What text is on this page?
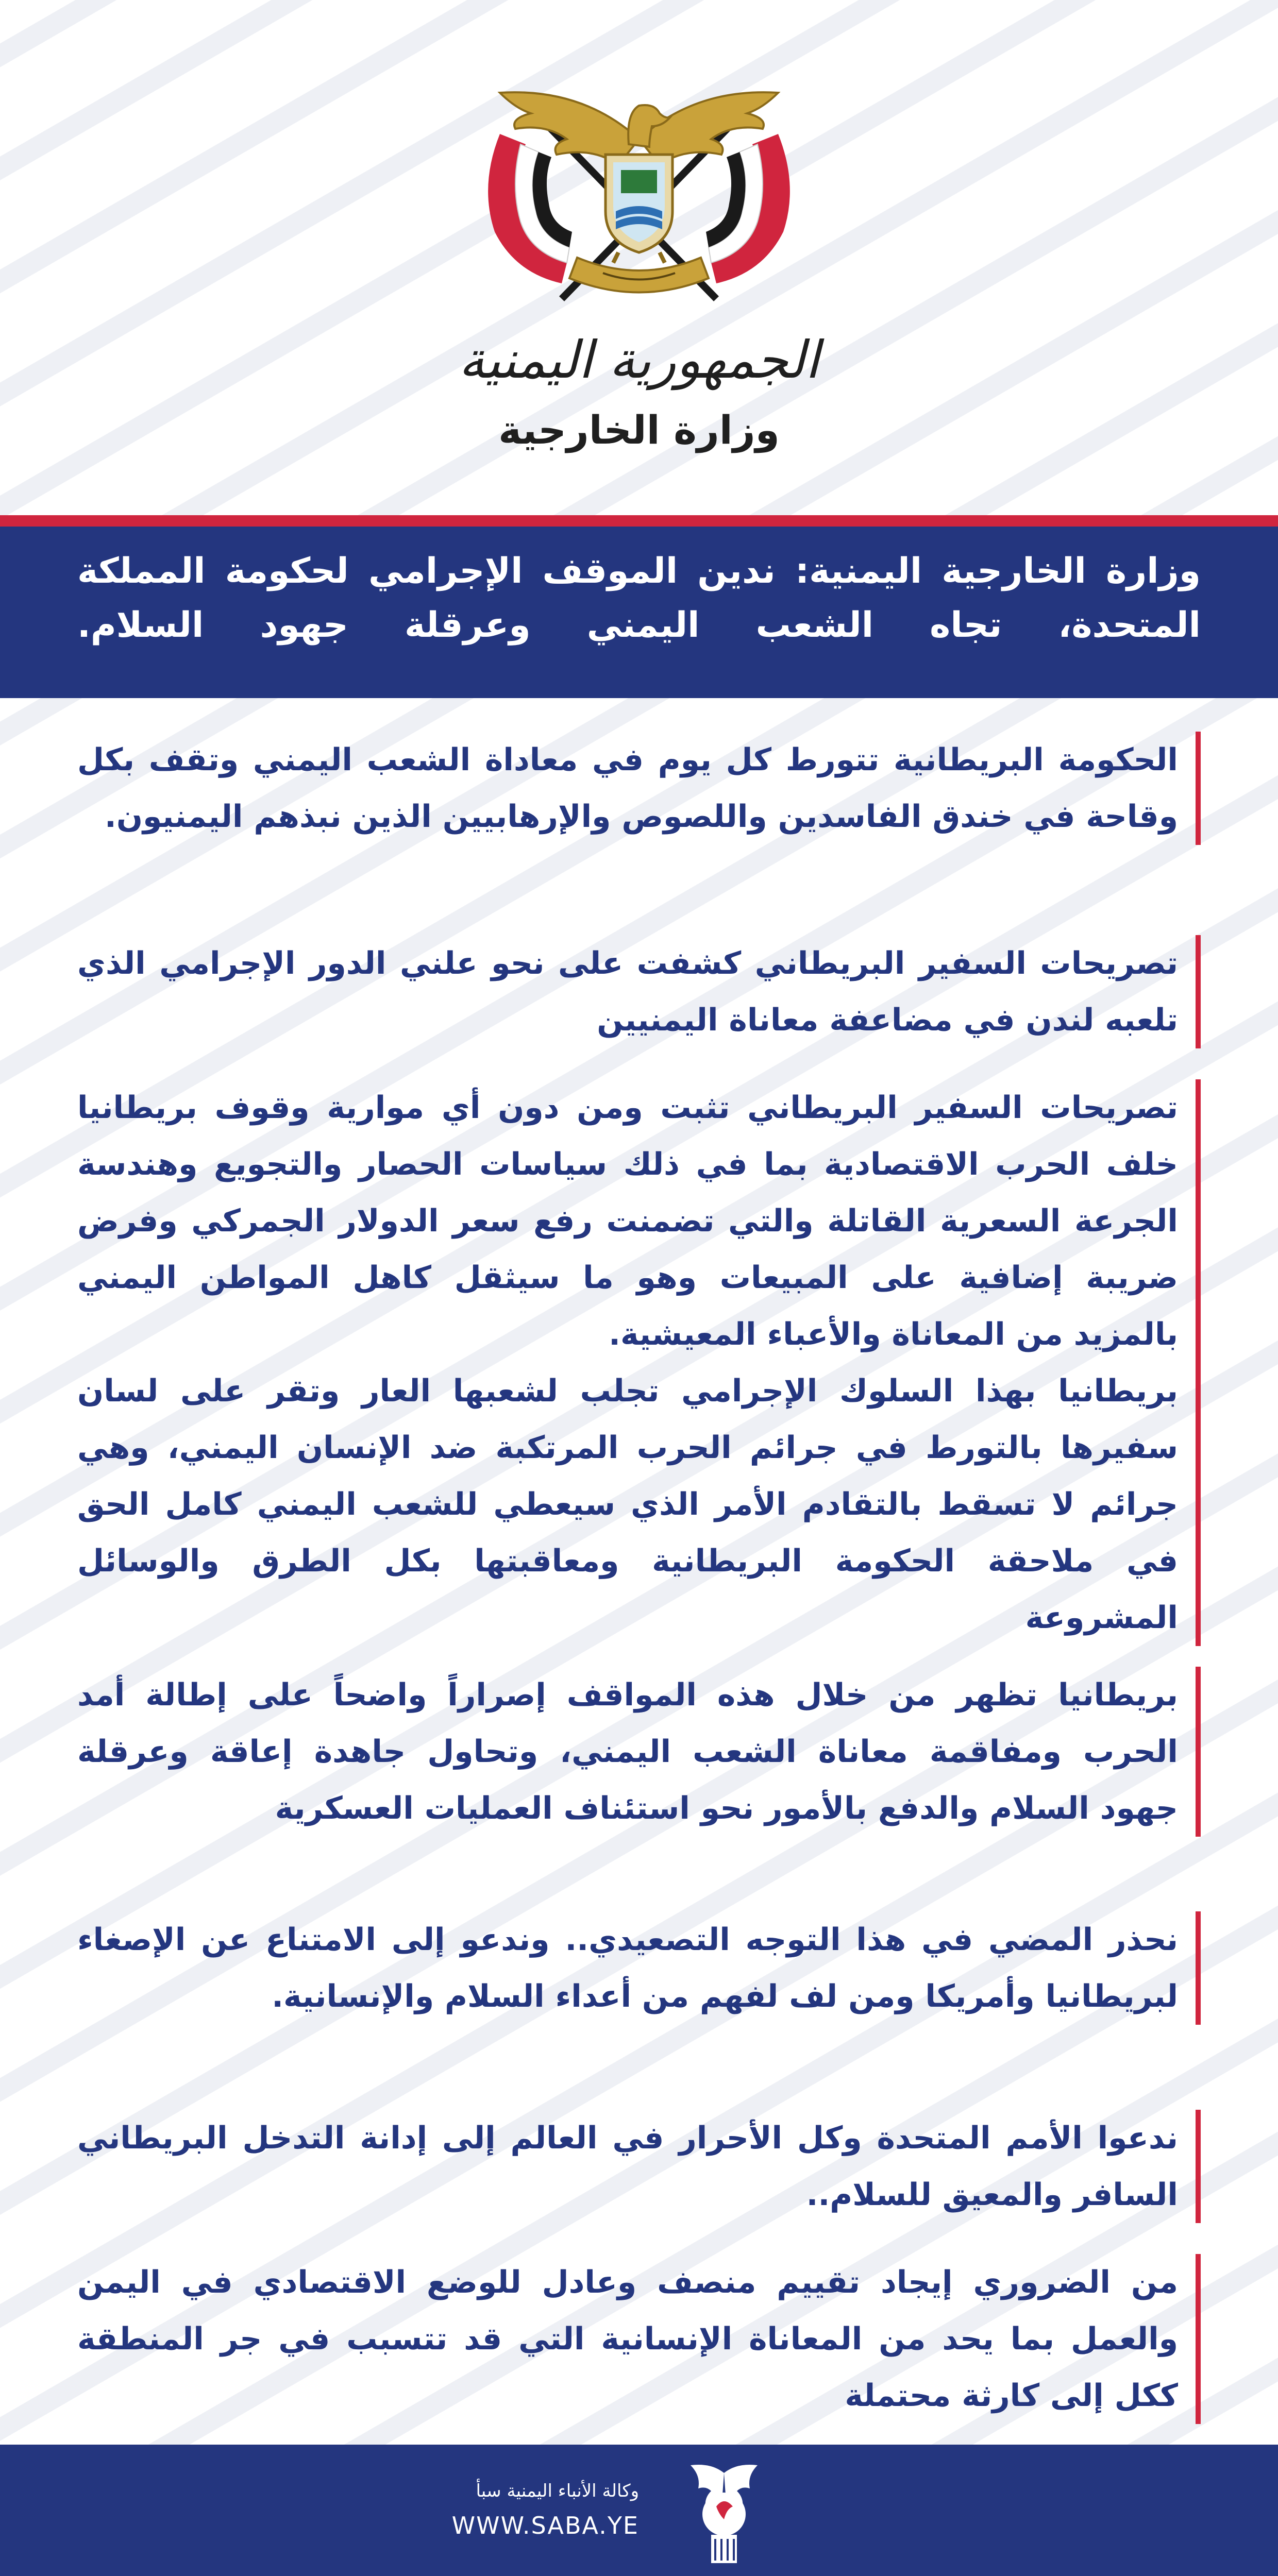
الجمهورية اليمنية
وزارة الخارجية

وزارة الخارجية اليمنية: ندين الموقف الإجرامي لحكومة المملكة المتحدة، تجاه الشعب اليمني وعرقلة جهود السلام.

الحكومة البريطانية تتورط كل يوم في معاداة الشعب اليمني وتقف بكل وقاحة في خندق الفاسدين واللصوص والإرهابيين الذين نبذهم اليمنيون.

تصريحات السفير البريطاني كشفت على نحو علني الدور الإجرامي الذي تلعبه لندن في مضاعفة معاناة اليمنيين

تصريحات السفير البريطاني تثبت ومن دون أي موارية وقوف بريطانيا خلف الحرب الاقتصادية بما في ذلك سياسات الحصار والتجويع وهندسة الجرعة السعرية القاتلة والتي تضمنت رفع سعر الدولار الجمركي وفرض ضريبة إضافية على المبيعات وهو ما سيثقل كاهل المواطن اليمني بالمزيد من المعاناة والأعباء المعيشية.

بريطانيا بهذا السلوك الإجرامي تجلب لشعبها العار وتقر على لسان سفيرها بالتورط في جرائم الحرب المرتكبة ضد الإنسان اليمني، وهي جرائم لا تسقط بالتقادم الأمر الذي سيعطي للشعب اليمني كامل الحق في ملاحقة الحكومة البريطانية ومعاقبتها بكل الطرق والوسائل المشروعة

بريطانيا تظهر من خلال هذه المواقف إصراراً واضحاً على إطالة أمد الحرب ومفاقمة معاناة الشعب اليمني، وتحاول جاهدة إعاقة وعرقلة جهود السلام والدفع بالأمور نحو استئناف العمليات العسكرية

نحذر المضي في هذا التوجه التصعيدي.. وندعو إلى الامتناع عن الإصغاء لبريطانيا وأمريكا ومن لف لفهم من أعداء السلام والإنسانية.

ندعوا الأمم المتحدة وكل الأحرار في العالم إلى إدانة التدخل البريطاني السافر والمعيق للسلام..

من الضروري إيجاد تقييم منصف وعادل للوضع الاقتصادي في اليمن والعمل بما يحد من المعاناة الإنسانية التي قد تتسبب في جر المنطقة ككل إلى كارثة محتملة

وكالة الأنباء اليمنية سبأ
WWW.SABA.YE
